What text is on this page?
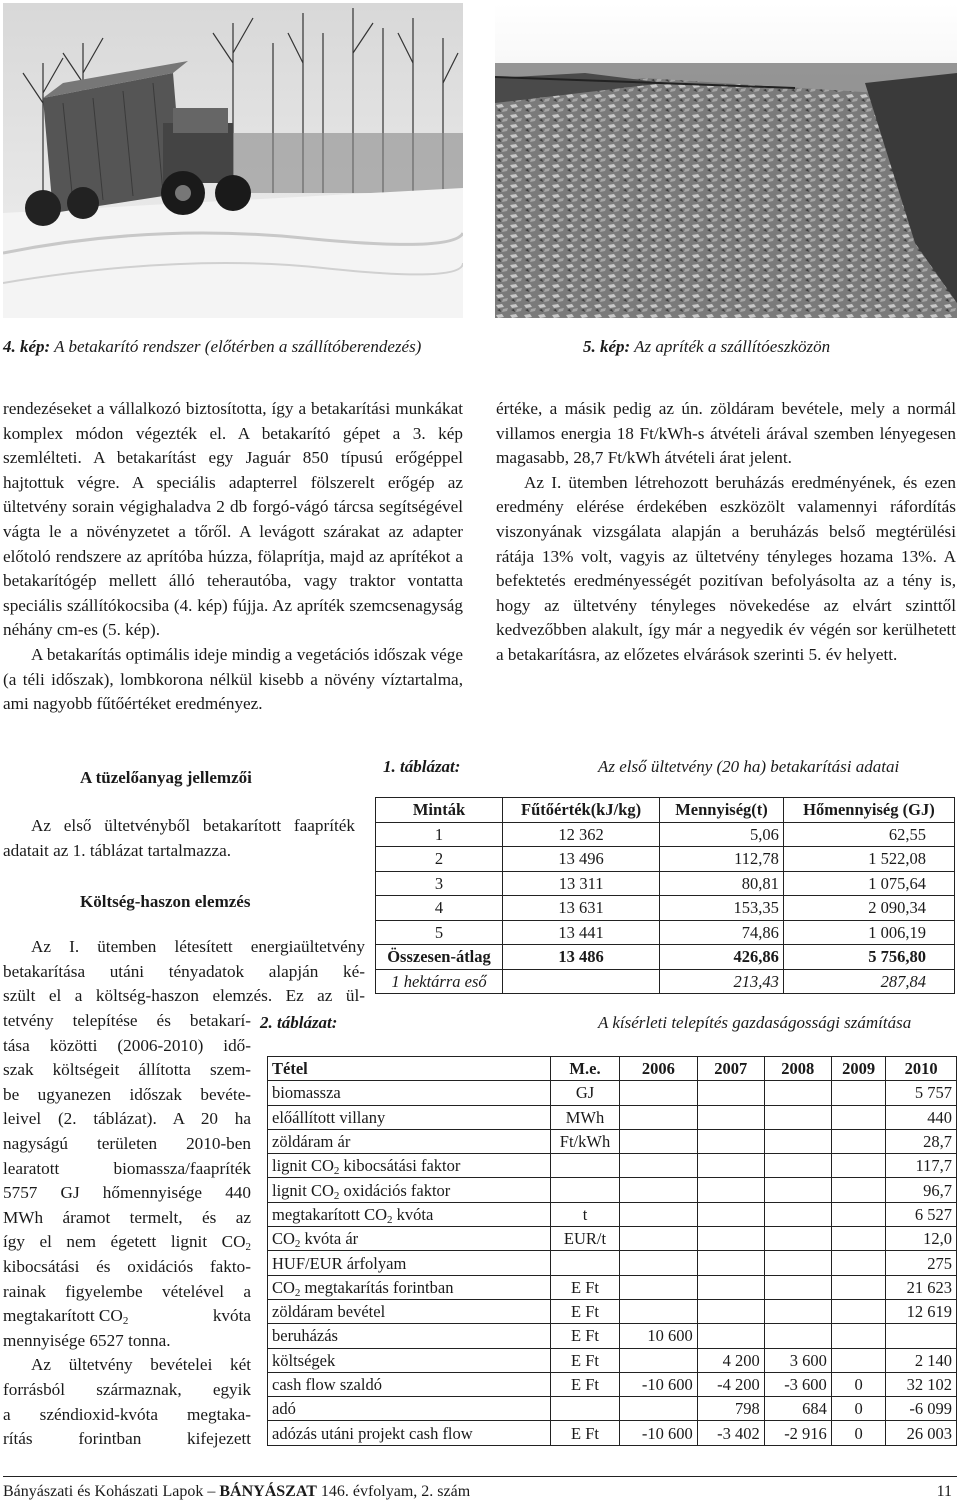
4. kép: A betakarító rendszer (előtérben a szállítóberendezés)	5. kép: Az apríték a szállítóeszközön

rendezéseket a vállalkozó biztosította, így a betakarítási munkákat komplex módon végezték el. A betakarító gépet a 3. kép szemlélteti. A betakarítást egy Jaguár 850 típusú erőgéppel hajtottuk végre. A speciális adapterrel fölszerelt erőgép az ültetvény sorain végighaladva 2 db forgó-vágó tárcsa segítségével vágta le a növényzetet a tőről. A levágott szárakat az adapter előtoló rendszere az aprítóba húzza, fölaprítja, majd az aprítékot a betakarítógép mellett álló teherautóba, vagy traktor vontatta speciális szállítókocsiba (4. kép) fújja. Az apríték szemcsenagyság néhány cm-es (5. kép).

A betakarítás optimális ideje mindig a vegetációs időszak vége (a téli időszak), lombkorona nélkül kisebb a növény víztartalma, ami nagyobb fűtőértéket eredményez.

értéke, a másik pedig az ún. zöldáram bevétele, mely a normál villamos energia 18 Ft/kWh-s átvételi árával szemben lényegesen magasabb, 28,7 Ft/kWh átvételi árat jelent.

Az I. ütemben létrehozott beruházás eredményének, és ezen eredmény elérése érdekében eszközölt valamennyi ráfordítás viszonyának vizsgálata alapján a beruházás belső megtérülési rátája 13% volt, vagyis az ültetvény tényleges hozama 13%. A befektetés eredményességét pozitívan befolyásolta az a tény is, hogy az ültetvény tényleges növekedése az elvárt szinttől kedvezőbben alakult, így már a negyedik év végén sor kerülhetett a betakarításra, az előzetes elvárások szerinti 5. év helyett.

A tüzelőanyag jellemzői

Az első ültetvényből betakarított faapríték adatait az 1. táblázat tartalmazza.

Költség-haszon elemzés

Az I. ütemben létesített energiaültetvény

betakarítása utáni tényadatok alapján ké-

szült el a költség-haszon elemzés. Ez az ül-

tetvény telepítése és betakarí-

tása közötti (2006-2010) idő-

szak költségeit állította szem-

be ugyanezen időszak bevéte-

leivel (2. táblázat). A 20 ha

nagyságú területen 2010-ben

learatott biomassza/faapríték

5757 GJ hőmennyisége 440

MWh áramot termelt, és az

így el nem égetett lignit $CO_2$

kibocsátási és oxidációs fakto-

rainak figyelembe vételével a

megtakarított $CO_2$	kvóta

mennyisége 6527 tonna.

Az ültetvény bevételei két

forrásból származnak, egyik

a széndioxid-kvóta megtaka-

rítás forintban kifejezett

1. táblázat:	Az első ültetvény (20 ha) betakarítási adatai
Minták	Fűtőérték(kJ/kg)	Mennyiség(t)	Hőmennyiség (GJ)
1	12 362	5,06	62,55
2	13 496	112,78	1 522,08
3	13 311	80,81	1 075,64
4	13 631	153,35	2 090,34
5	13 441	74,86	1 006,19
Összesen-átlag	13 486	426,86	5 756,80
1 hektárra eső		213,43	287,84
2. táblázat:	A kísérleti telepítés gazdaságossági számítása
Tétel	M.e.	2006	2007	2008	2009	2010
biomassza	GJ					5 757
előállított villany	MWh					440
zöldáram ár	Ft/kWh					28,7
lignit $CO_2$ kibocsátási faktor						117,7
lignit $CO_2$ oxidációs faktor						96,7
megtakarított $CO_2$ kvóta	t					6 527
$CO_2$ kvóta ár	EUR/t					12,0
HUF/EUR árfolyam						275
$CO_2$ megtakarítás forintban	E Ft					21 623
zöldáram bevétel	E Ft					12 619
beruházás	E Ft	10 600				
költségek	E Ft		4 200	3 600		2 140
cash flow szaldó	E Ft	-10 600	-4 200	-3 600	0	32 102
adó			798	684	0	-6 099
adózás utáni projekt cash flow	E Ft	-10 600	-3 402	-2 916	0	26 003
Bányászati és Kohászati Lapok – BÁNYÁSZAT 146. évfolyam, 2. szám	11
